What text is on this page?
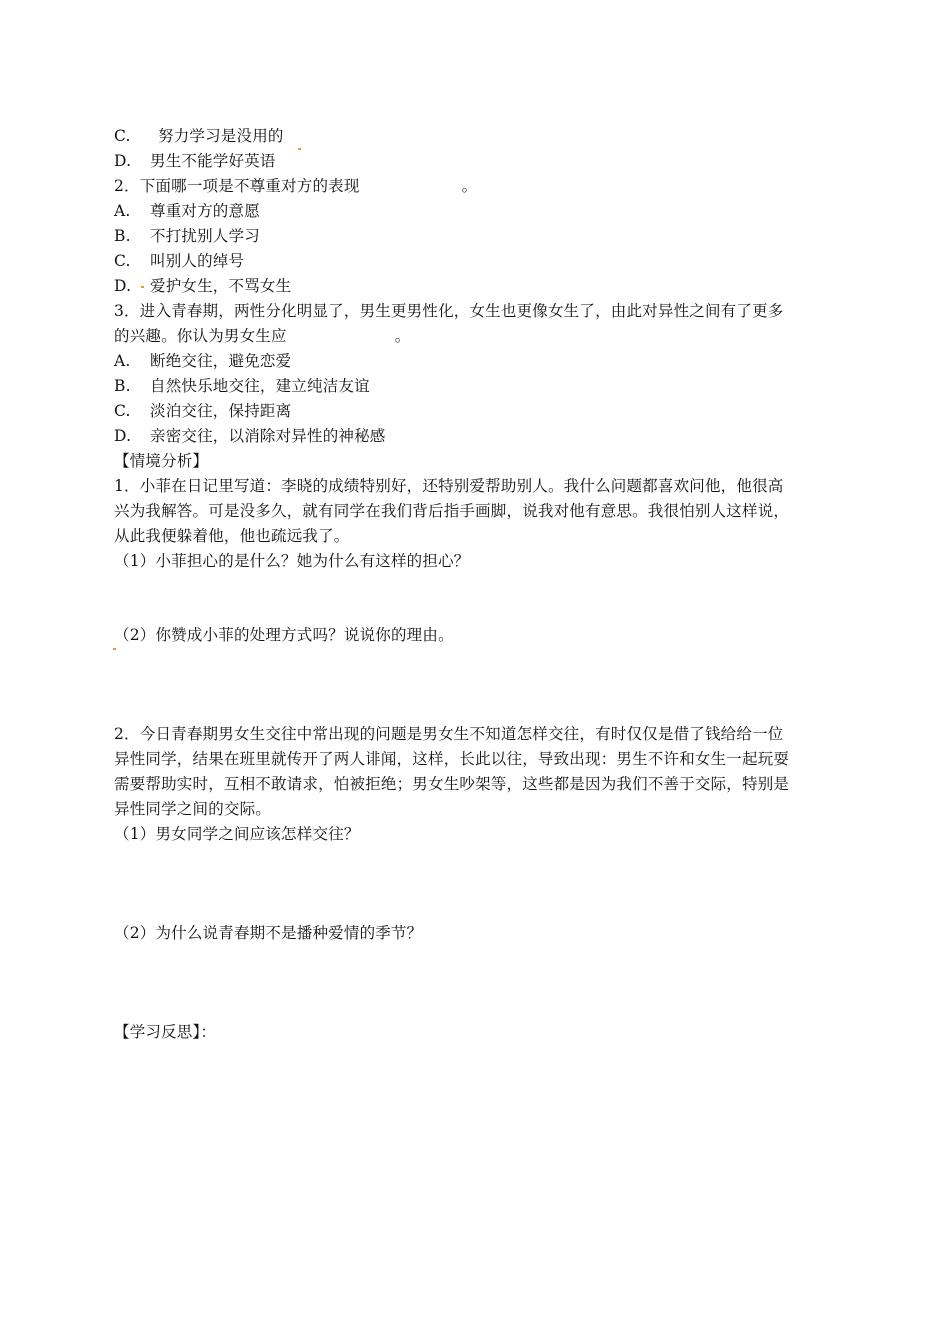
C. 努力学习是没用的
D. 男生不能学好英语
2．下面哪一项是不尊重对方的表现	。
A. 尊重对方的意愿
B. 不打扰别人学习
C. 叫别人的绰号
D. 爱护女生，不骂女生
3．进入青春期，两性分化明显了，男生更男性化，女生也更像女生了，由此对异性之间有了更多
的兴趣。你认为男女生应	。
A. 断绝交往，避免恋爱
B. 自然快乐地交往，建立纯洁友谊
C. 淡泊交往，保持距离
D. 亲密交往，以消除对异性的神秘感
【情境分析】
1．小菲在日记里写道：李晓的成绩特别好，还特别爱帮助别人。我什么问题都喜欢问他，他很高
兴为我解答。可是没多久，就有同学在我们背后指手画脚，说我对他有意思。我很怕别人这样说，
从此我便躲着他，他也疏远我了。
（1）小菲担心的是什么？她为什么有这样的担心？
（2）你赞成小菲的处理方式吗？说说你的理由。
2．今日青春期男女生交往中常出现的问题是男女生不知道怎样交往，有时仅仅是借了钱给给一位
异性同学，结果在班里就传开了两人诽闻，这样，长此以往，导致出现：男生不许和女生一起玩耍
需要帮助实时，互相不敢请求，怕被拒绝；男女生吵架等，这些都是因为我们不善于交际，特别是
异性同学之间的交际。
（1）男女同学之间应该怎样交往？
（2）为什么说青春期不是播种爱情的季节？
【学习反思】：
